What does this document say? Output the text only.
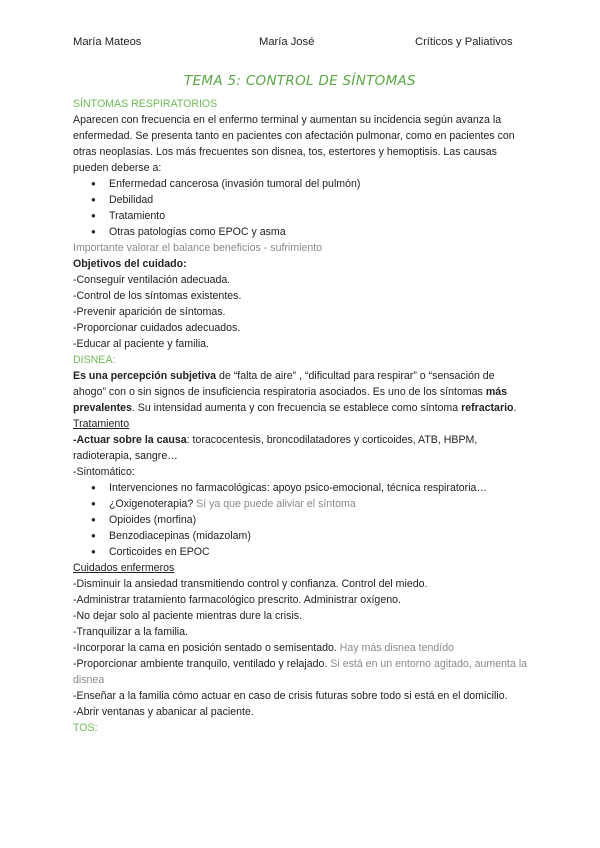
María Mateos	María José	Críticos y Paliativos
TEMA 5: CONTROL DE SÍNTOMAS

SÍNTOMAS RESPIRATORIOS

Aparecen con frecuencia en el enfermo terminal y aumentan su incidencia según avanza la enfermedad. Se presenta tanto en pacientes con afectación pulmonar, como en pacientes con otras neoplasias. Los más frecuentes son disnea, tos, estertores y hemoptisis. Las causas pueden deberse a:

● Enfermedad cancerosa (invasión tumoral del pulmón)
● Debilidad
● Tratamiento
● Otras patologías como EPOC y asma

Importante valorar el balance beneficios - sufrimiento

Objetivos del cuidado:

-Conseguir ventilación adecuada.

-Control de los síntomas existentes.

-Prevenir aparición de síntomas.

-Proporcionar cuidados adecuados.

-Educar al paciente y familia.

DISNEA:

Es una percepción subjetiva de “falta de aire” , “dificultad para respirar” o “sensación de ahogo” con o sin signos de insuficiencia respiratoria asociados. Es uno de los síntomas más prevalentes. Su intensidad aumenta y con frecuencia se establece como síntoma refractario.

Tratamiento

-Actuar sobre la causa: toracocentesis, broncodilatadores y corticoides, ATB, HBPM, radioterapia, sangre…

-Sintomático:

● Intervenciones no farmacológicas: apoyo psico-emocional, técnica respiratoria…
● ¿Oxigenoterapia? Sí ya que puede aliviar el síntoma
● Opioides (morfina)
● Benzodiacepinas (midazolam)
● Corticoides en EPOC

Cuidados enfermeros

-Disminuir la ansiedad transmitiendo control y confianza. Control del miedo.

-Administrar tratamiento farmacológico prescrito. Administrar oxígeno.

-No dejar solo al paciente mientras dure la crisis.

-Tranquilizar a la familia.

-Incorporar la cama en posición sentado o semisentado. Hay más disnea tendído

-Proporcionar ambiente tranquilo, ventilado y relajado. Si está en un entorno agitado, aumenta la disnea

-Enseñar a la familia cómo actuar en caso de crisis futuras sobre todo si está en el domicilio.

-Abrir ventanas y abanicar al paciente.

TOS:
